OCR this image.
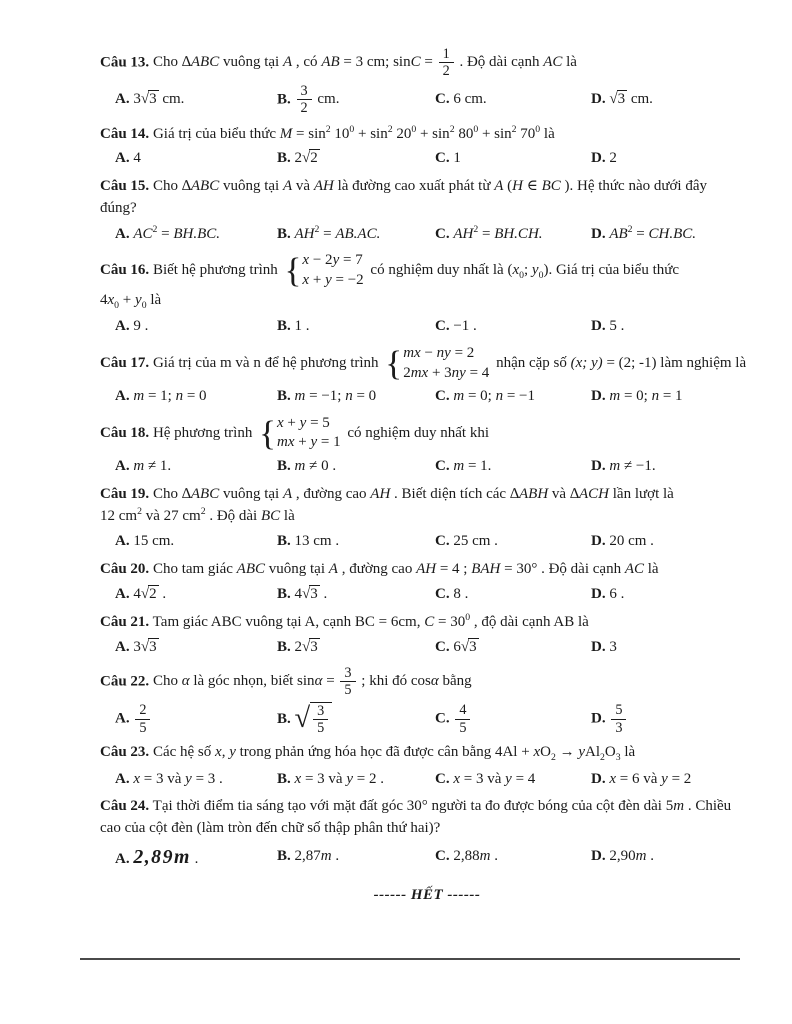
Câu 13. Cho ∆ABC vuông tại A , có AB = 3 cm; $\sin C = \frac{1}{2}$ . Độ dài cạnh AC là

A. 3√3 cm.	B. $\frac{3}{2}$ cm.	C. 6 cm.	D. √3 cm.

Câu 14. Giá trị của biểu thức $M = \sin^2 10^0 + \sin^2 20^0 + \sin^2 80^0 + \sin^2 70^0$ là

A. 4	B. 2√2	C. 1	D. 2

Câu 15. Cho ∆ABC vuông tại A và AH là đường cao xuất phát từ A (H ∈ BC ). Hệ thức nào dưới đây
đúng?

A. $AC^2 = BH.BC$.	B. $AH^2 = AB.AC$.	C. $AH^2 = BH.CH$.	D. $AB^2 = CH.BC$.

Câu 16. Biết hệ phương trình { x − 2y = 7
x + y = −2
có nghiệm duy nhất là ($x_0$; $y_0$). Giá trị của biểu thức
$4x_0 + y_0$ là

A. 9 .	B. 1 .	C. −1 .	D. 5 .

Câu 17. Giá trị của m và n để hệ phương trình { mx − ny = 2
2mx + 3ny = 4
nhận cặp số (x; y) = (2; -1) làm nghiệm là

A. m = 1; n = 0	B. m = −1; n = 0	C. m = 0; n = −1	D. m = 0; n = 1

Câu 18. Hệ phương trình { x + y = 5
mx + y = 1
có nghiệm duy nhất khi

A. m ≠ 1.	B. m ≠ 0 .	C. m = 1.	D. m ≠ −1.

Câu 19. Cho ∆ABC vuông tại A , đường cao AH . Biết diện tích các ∆ABH và ∆ACH lần lượt là
12 $cm^2$ và 27 $cm^2$ . Độ dài BC là

A. 15 cm.	B. 13 cm .	C. 25 cm .	D. 20 cm .

Câu 20. Cho tam giác ABC vuông tại A , đường cao AH = 4 ; BAH = 30° . Độ dài cạnh AC là

A. 4√2 .	B. 4√3 .	C. 8 .	D. 6 .

Câu 21. Tam giác ABC vuông tại A, cạnh BC = 6cm, $C = 30^0$ , độ dài cạnh AB là

A. 3√3	B. 2√3	C. 6√3	D. 3

Câu 22. Cho α là góc nhọn, biết $\sin\alpha = \frac{3}{5}$ ; khi đó cosα bằng

A. $\frac{2}{5}$	B. √ $\frac{3}{5}$	C. $\frac{4}{5}$	D. $\frac{5}{3}$

Câu 23. Các hệ số x, y trong phản ứng hóa học đã được cân bằng $4Al + xO_2 \to yAl_2O_3$ là

A. x = 3 và y = 3 .	B. x = 3 và y = 2 .	C. x = 3 và y = 4	D. x = 6 và y = 2

Câu 24. Tại thời điểm tia sáng tạo với mặt đất góc 30° người ta đo được bóng của cột đèn dài 5m . Chiều cao của cột đèn (làm tròn đến chữ số thập phân thứ hai)?

A. 2,89m .	B. 2,87m .	C. 2,88m .	D. 2,90m .

------ HẾT ------
